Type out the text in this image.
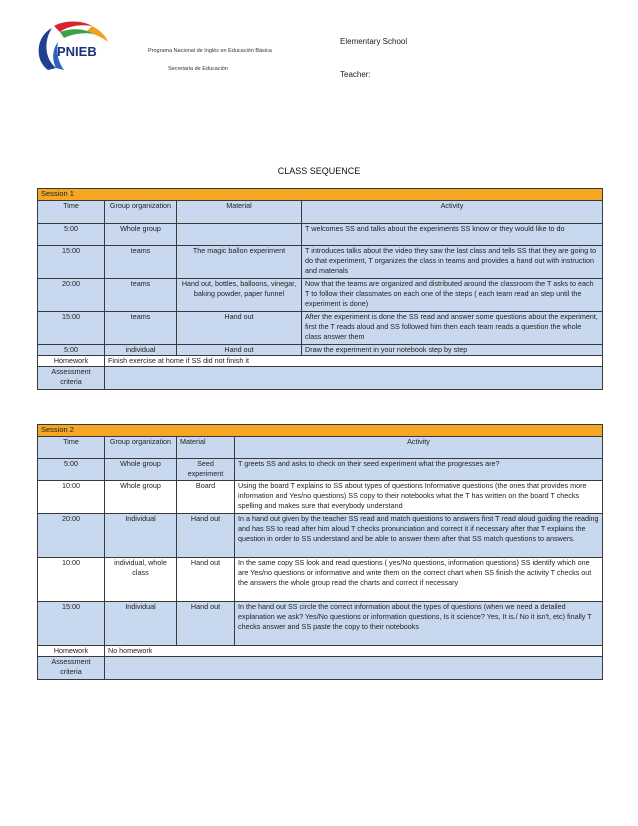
PNIEB	Programa Nacional de Inglés en Educación Básica
Secretaria de Educación
Elementary School
Teacher:
CLASS SEQUENCE
Session 1			
Time	Group organization	Material	Activity
5:00	Whole group		T welcomes SS and talks about the experiments SS know or they would like to do
15:00	teams	The magic ballon experiment	T introduces talks about the video they saw the last class and tells SS that they are going to do that experiment, T organizes the class in teams and provides a hand out with instruction and materials
20:00	teams	Hand out, bottles, balloons, vinegar, baking powder, paper funnel	Now that the teams are organized and distributed around the classroom the T asks to each T to follow their classmates on each one of the steps ( each team read an step until the experiment is done)
15:00	teams	Hand out	After the experiment is done the SS read and answer some questions about the experiment, first the T reads aloud and SS followed him then each team reads a question the whole class answer them
5:00	individual	Hand out	Draw the experiment in your notebook step by step
Homework	Finish exercise at home if SS did not finish it		
Assessment criteria			
Session 2			
Time	Group organization	Material	Activity
5:00	Whole group	Seed experiment	T greets SS and asks to check on their seed experiment what the progresses are?
10:00	Whole group	Board	Using the board T explains to SS about types of questions Informative questions (the ones that provides more information and Yes/no questions) SS copy to their notebooks what the T has written on the board T checks spelling and makes sure that everybody understand
20:00	Individual	Hand out	In a hand out given by the teacher SS read and match questions to answers first T read aloud guiding the reading and has SS to read after him aloud T checks pronunciation and correct it if necessary after that T explains the question in order to SS understand and be able to answer them after that SS match questions to answers.
10:00	individual, whole class	Hand out	In the same copy SS look and read questions ( yes/No questions, information questions) SS identify which one are Yes/no questions or informative and write them on the correct chart when SS finish the activity T checks out the answers the whole group read the charts and correct if necessary
15:00	Individual	Hand out	In the hand out SS circle the correct information about the types of questions (when we need a detailed explanation we ask? Yes/No questions or information questions, Is it science? Yes, It is./ No it isn't, etc) finally T checks answer and SS paste the copy to their notebooks
Homework	No homework		
Assessment criteria			
